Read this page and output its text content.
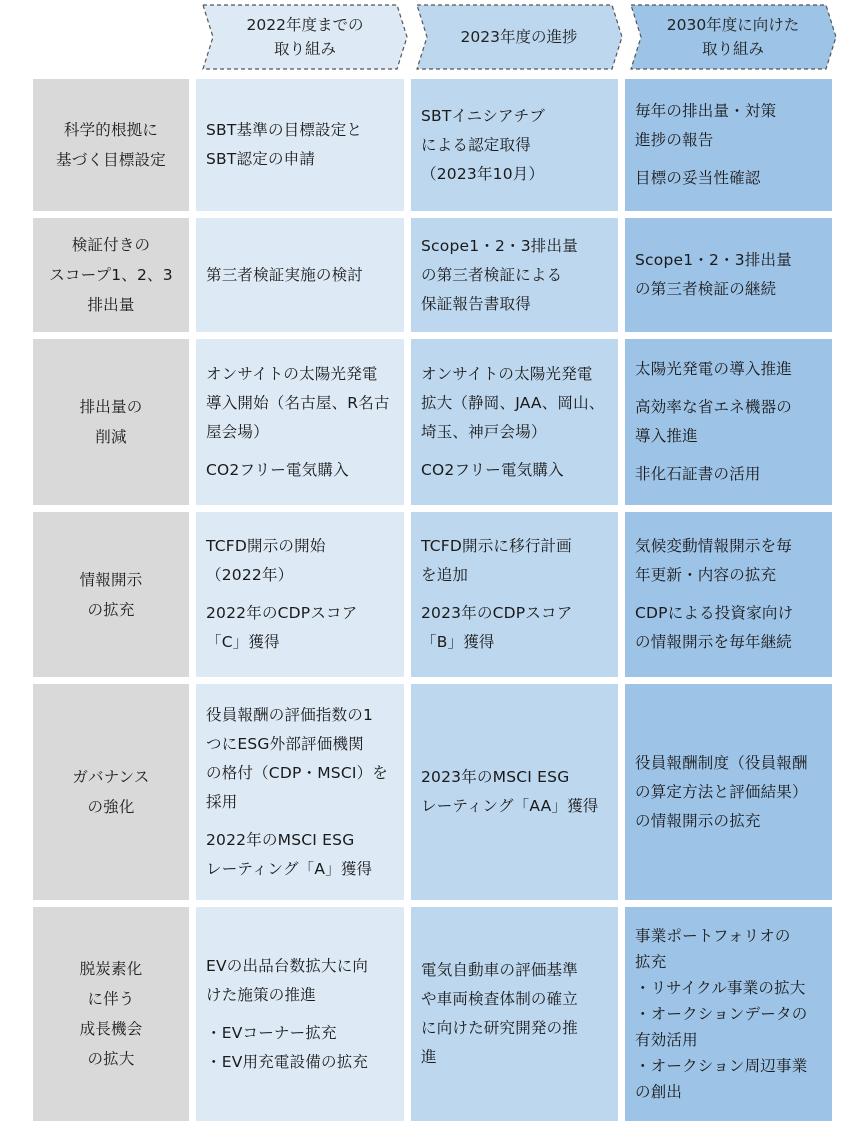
2022年度までの
取り組み
2023年度の進捗
2030年度に向けた
取り組み
科学的根拠に
基づく目標設定
SBT基準の目標設定と
SBT認定の申請
SBTイニシアチブ
による認定取得
（2023年10月）
毎年の排出量・対策
進捗の報告
目標の妥当性確認
検証付きの
スコープ1、2、3
排出量
第三者検証実施の検討
Scope1・2・3排出量
の第三者検証による
保証報告書取得
Scope1・2・3排出量
の第三者検証の継続
排出量の
削減
オンサイトの太陽光発電
導入開始（名古屋、R名古
屋会場）
CO2フリー電気購入
オンサイトの太陽光発電
拡大（静岡、JAA、岡山、
埼玉、神戸会場）
CO2フリー電気購入
太陽光発電の導入推進
高効率な省エネ機器の
導入推進
非化石証書の活用
情報開示
の拡充
TCFD開示の開始
（2022年）
2022年のCDPスコア
「C」獲得
TCFD開示に移行計画
を追加
2023年のCDPスコア
「B」獲得
気候変動情報開示を毎
年更新・内容の拡充
CDPによる投資家向け
の情報開示を毎年継続
ガバナンス
の強化
役員報酬の評価指数の1
つにESG外部評価機関
の格付（CDP・MSCI）を
採用
2022年のMSCI ESG
レーティング「A」獲得
2023年のMSCI ESG
レーティング「AA」獲得
役員報酬制度（役員報酬
の算定方法と評価結果）
の情報開示の拡充
脱炭素化
に伴う
成長機会
の拡大
EVの出品台数拡大に向
けた施策の推進
・EVコーナー拡充
・EV用充電設備の拡充
電気自動車の評価基準
や車両検査体制の確立
に向けた研究開発の推
進
事業ポートフォリオの
拡充
・リサイクル事業の拡大
・オークションデータの
有効活用
・オークション周辺事業
の創出
